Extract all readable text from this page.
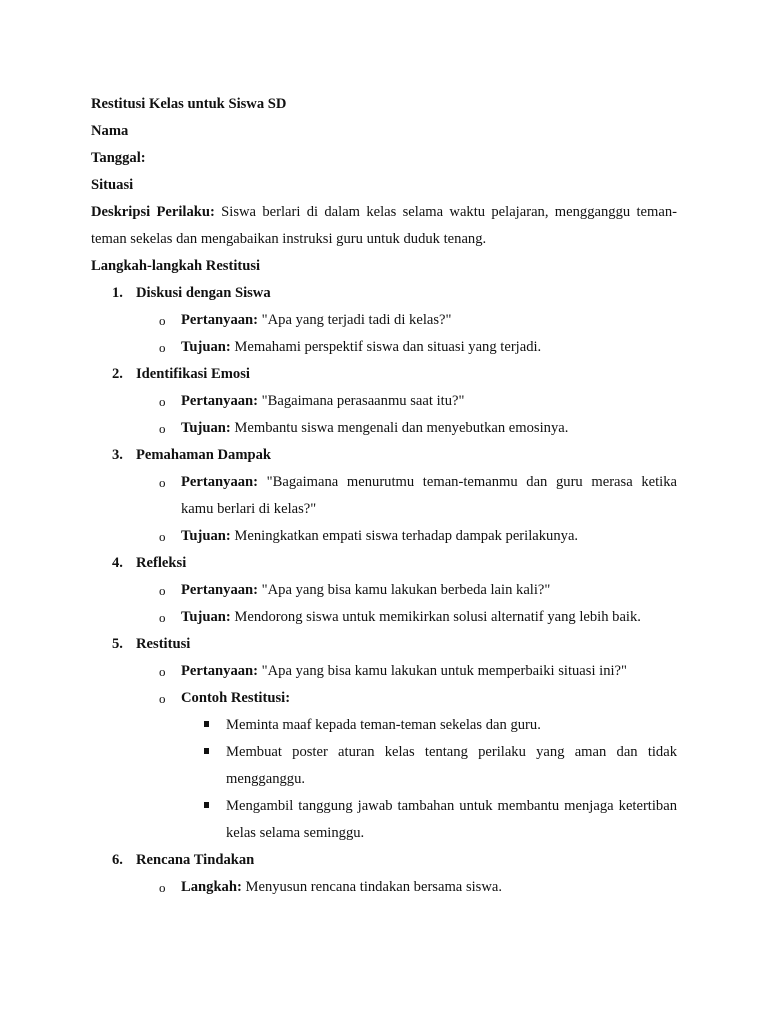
Restitusi Kelas untuk Siswa SD
Nama
Tanggal:
Situasi
Deskripsi Perilaku: Siswa berlari di dalam kelas selama waktu pelajaran, mengganggu teman-teman sekelas dan mengabaikan instruksi guru untuk duduk tenang.
Langkah-langkah Restitusi
1. Diskusi dengan Siswa
o Pertanyaan: "Apa yang terjadi tadi di kelas?"
o Tujuan: Memahami perspektif siswa dan situasi yang terjadi.
2. Identifikasi Emosi
o Pertanyaan: "Bagaimana perasaanmu saat itu?"
o Tujuan: Membantu siswa mengenali dan menyebutkan emosinya.
3. Pemahaman Dampak
o Pertanyaan: "Bagaimana menurutmu teman-temanmu dan guru merasa ketika kamu berlari di kelas?"
o Tujuan: Meningkatkan empati siswa terhadap dampak perilakunya.
4. Refleksi
o Pertanyaan: "Apa yang bisa kamu lakukan berbeda lain kali?"
o Tujuan: Mendorong siswa untuk memikirkan solusi alternatif yang lebih baik.
5. Restitusi
o Pertanyaan: "Apa yang bisa kamu lakukan untuk memperbaiki situasi ini?"
o Contoh Restitusi:
Meminta maaf kepada teman-teman sekelas dan guru.
Membuat poster aturan kelas tentang perilaku yang aman dan tidak mengganggu.
Mengambil tanggung jawab tambahan untuk membantu menjaga ketertiban kelas selama seminggu.
6. Rencana Tindakan
o Langkah: Menyusun rencana tindakan bersama siswa.
